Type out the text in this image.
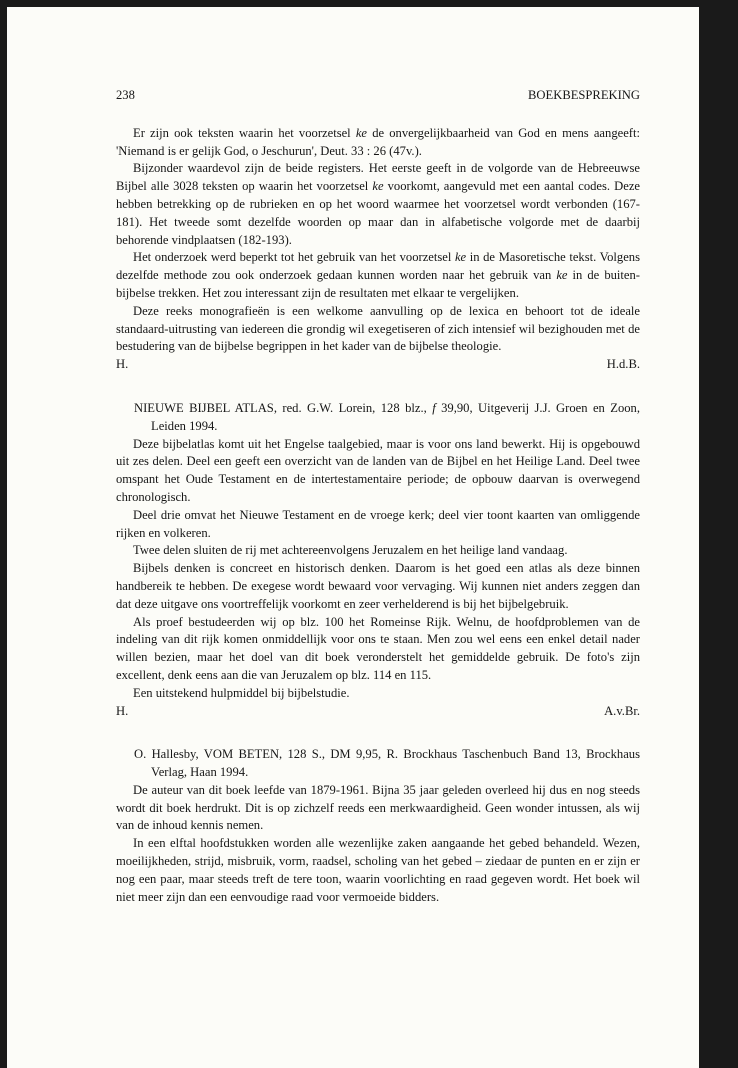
238	BOEKBESPREKING

Er zijn ook teksten waarin het voorzetsel ke de onvergelijkbaarheid van God en mens aangeeft: 'Niemand is er gelijk God, o Jeschurun', Deut. 33 : 26 (47v.).

Bijzonder waardevol zijn de beide registers. Het eerste geeft in de volgorde van de Hebreeuwse Bijbel alle 3028 teksten op waarin het voorzetsel ke voorkomt, aangevuld met een aantal codes. Deze hebben betrekking op de rubrieken en op het woord waarmee het voorzetsel wordt verbonden (167-181). Het tweede somt dezelfde woorden op maar dan in alfabetische volgorde met de daarbij behorende vindplaatsen (182-193).

Het onderzoek werd beperkt tot het gebruik van het voorzetsel ke in de Masoretische tekst. Volgens dezelfde methode zou ook onderzoek gedaan kunnen worden naar het gebruik van ke in de buiten-bijbelse trekken. Het zou interessant zijn de resultaten met elkaar te vergelijken.

Deze reeks monografieën is een welkome aanvulling op de lexica en behoort tot de ideale standaard-uitrusting van iedereen die grondig wil exegetiseren of zich intensief wil bezighouden met de bestudering van de bijbelse begrippen in het kader van de bijbelse theologie.

H.	H.d.B.

NIEUWE BIJBEL ATLAS, red. G.W. Lorein, 128 blz., f 39,90, Uitgeverij J.J. Groen en Zoon, Leiden 1994.

Deze bijbelatlas komt uit het Engelse taalgebied, maar is voor ons land bewerkt. Hij is opgebouwd uit zes delen. Deel een geeft een overzicht van de landen van de Bijbel en het Heilige Land. Deel twee omspant het Oude Testament en de intertestamentaire periode; de opbouw daarvan is overwegend chronologisch.

Deel drie omvat het Nieuwe Testament en de vroege kerk; deel vier toont kaarten van omliggende rijken en volkeren.

Twee delen sluiten de rij met achtereenvolgens Jeruzalem en het heilige land vandaag.

Bijbels denken is concreet en historisch denken. Daarom is het goed een atlas als deze binnen handbereik te hebben. De exegese wordt bewaard voor vervaging. Wij kunnen niet anders zeggen dan dat deze uitgave ons voortreffelijk voorkomt en zeer verhelderend is bij het bijbelgebruik.

Als proef bestudeerden wij op blz. 100 het Romeinse Rijk. Welnu, de hoofdproblemen van de indeling van dit rijk komen onmiddellijk voor ons te staan. Men zou wel eens een enkel detail nader willen bezien, maar het doel van dit boek veronderstelt het gemiddelde gebruik. De foto's zijn excellent, denk eens aan die van Jeruzalem op blz. 114 en 115.

Een uitstekend hulpmiddel bij bijbelstudie.

H.	A.v.Br.

O. Hallesby, VOM BETEN, 128 S., DM 9,95, R. Brockhaus Taschenbuch Band 13, Brockhaus Verlag, Haan 1994.

De auteur van dit boek leefde van 1879-1961. Bijna 35 jaar geleden overleed hij dus en nog steeds wordt dit boek herdrukt. Dit is op zichzelf reeds een merkwaardigheid. Geen wonder intussen, als wij van de inhoud kennis nemen.

In een elftal hoofdstukken worden alle wezenlijke zaken aangaande het gebed behandeld. Wezen, moeilijkheden, strijd, misbruik, vorm, raadsel, scholing van het gebed – ziedaar de punten en er zijn er nog een paar, maar steeds treft de tere toon, waarin voorlichting en raad gegeven wordt. Het boek wil niet meer zijn dan een eenvoudige raad voor vermoeide bidders.
